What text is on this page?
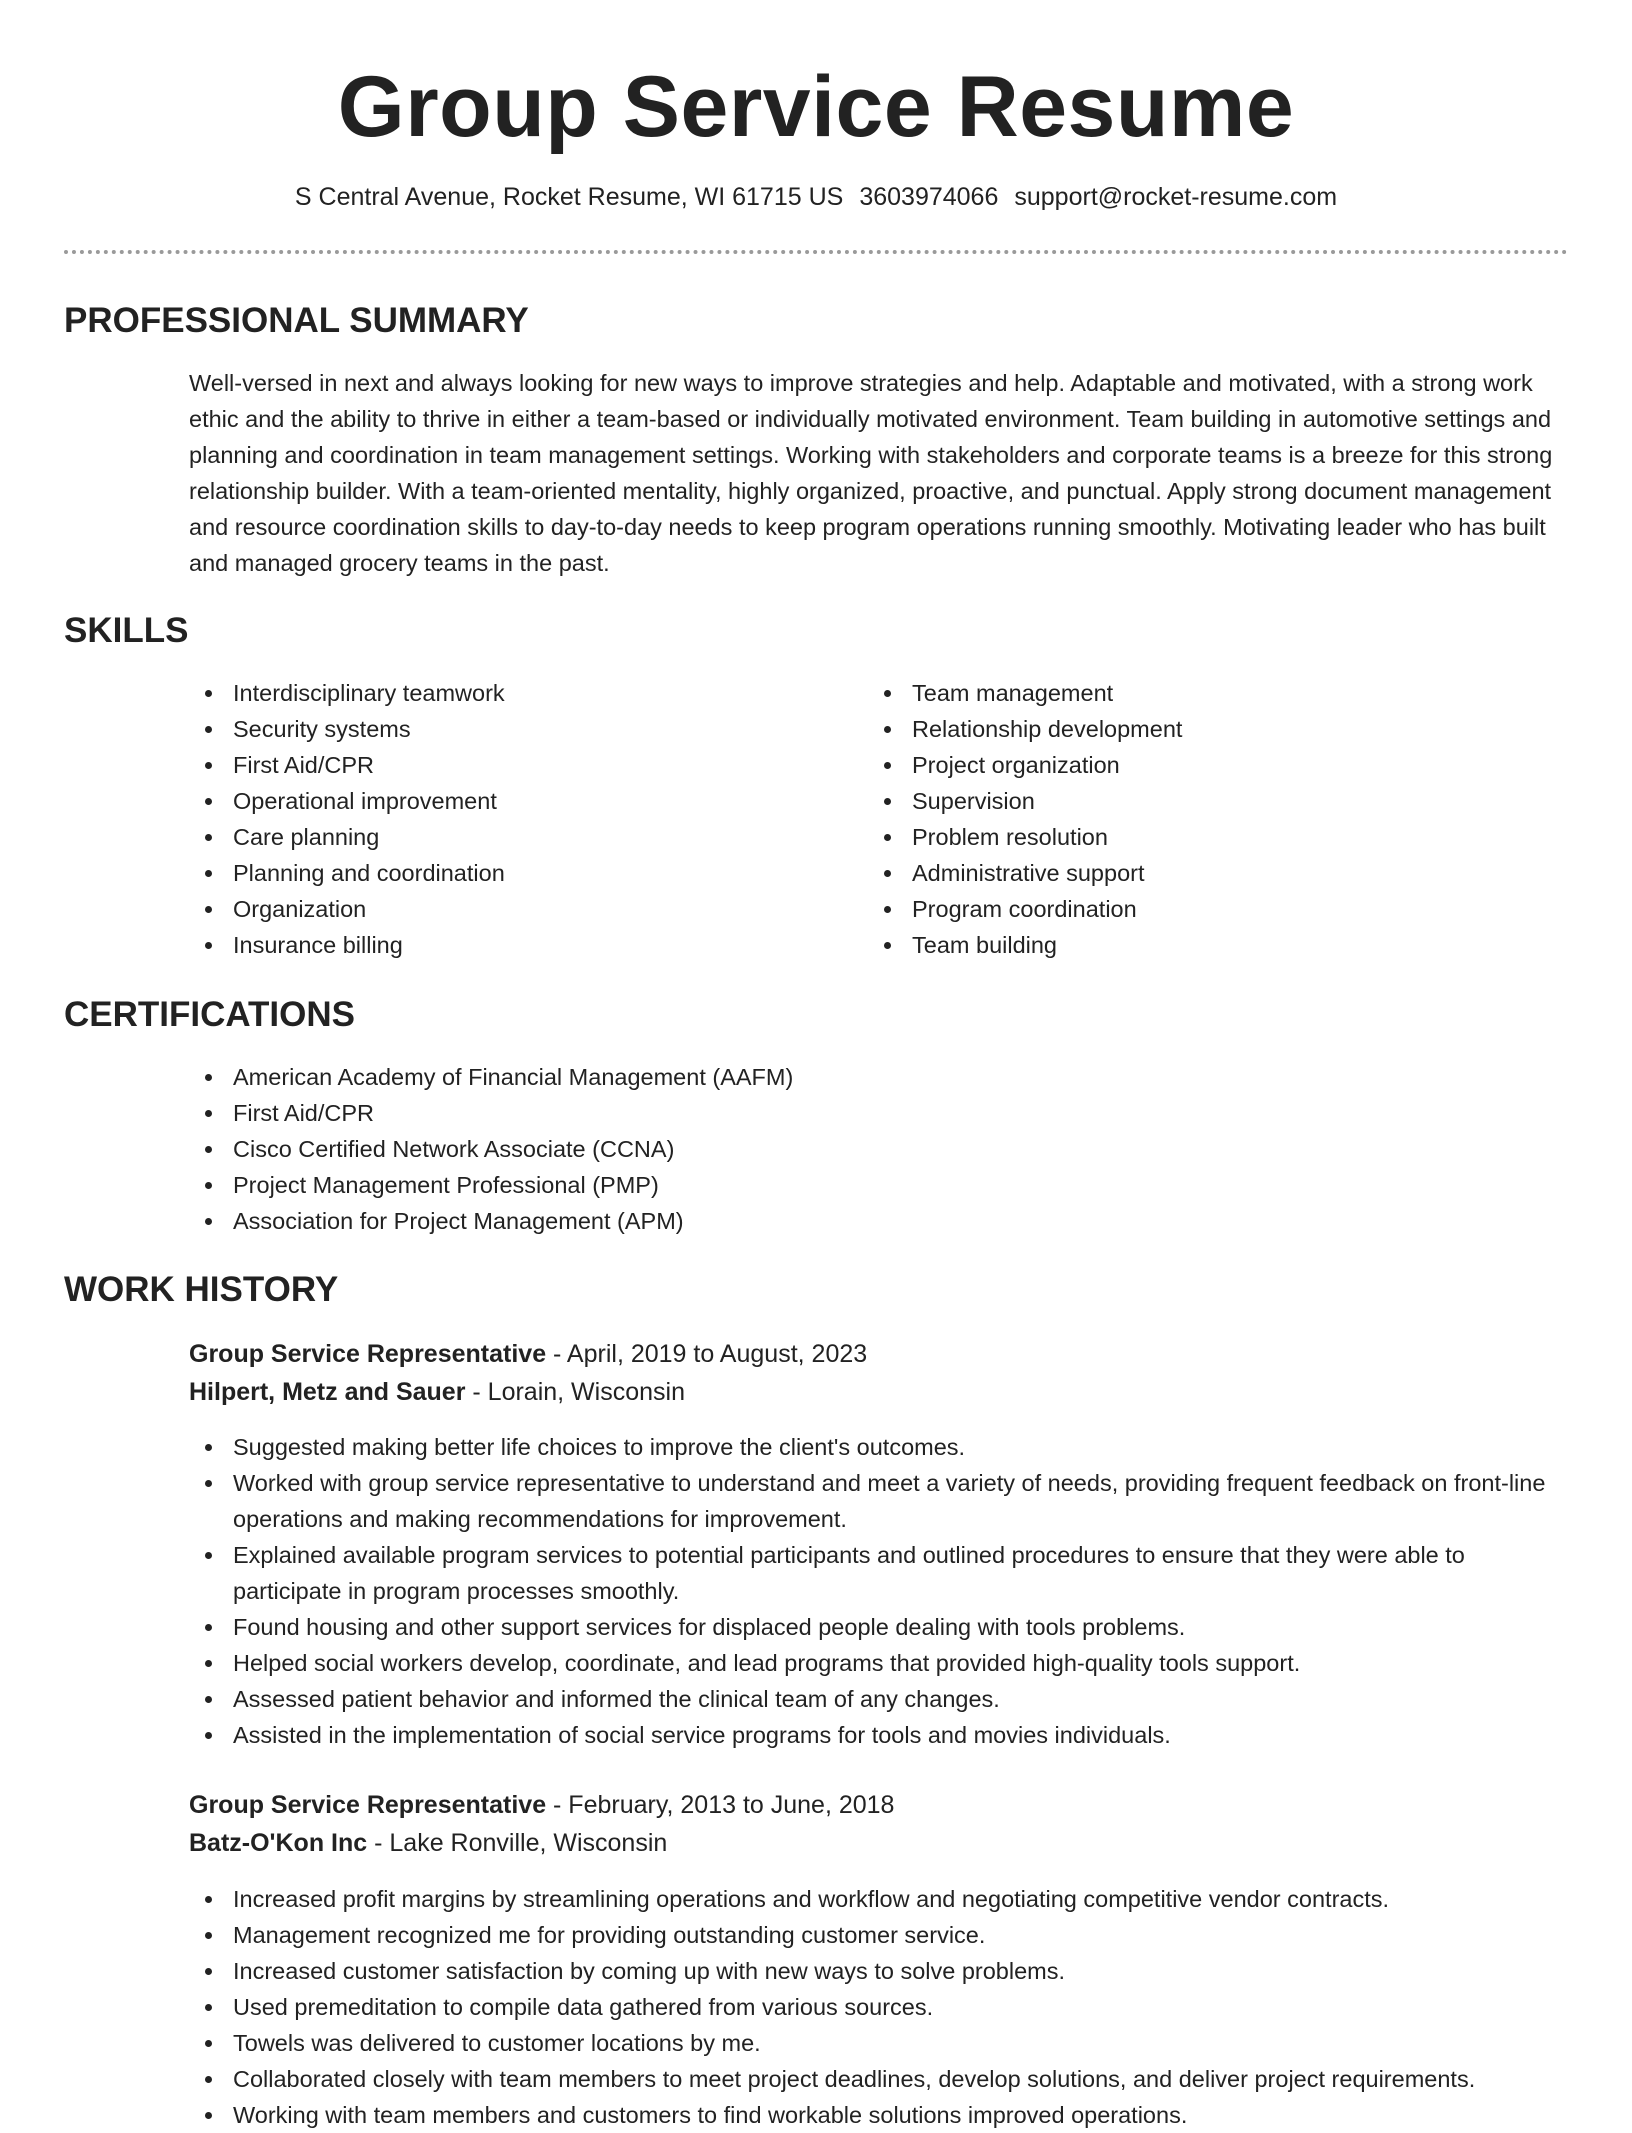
Group Service Resume
S Central Avenue, Rocket Resume, WI 61715 US 3603974066 support@rocket-resume.com
PROFESSIONAL SUMMARY

Well-versed in next and always looking for new ways to improve strategies and help. Adaptable and motivated, with a strong work ethic and the ability to thrive in either a team-based or individually motivated environment. Team building in automotive settings and planning and coordination in team management settings. Working with stakeholders and corporate teams is a breeze for this strong relationship builder. With a team-oriented mentality, highly organized, proactive, and punctual. Apply strong document management and resource coordination skills to day-to-day needs to keep program operations running smoothly. Motivating leader who has built and managed grocery teams in the past.

SKILLS
Interdisciplinary teamwork
Security systems
First Aid/CPR
Operational improvement
Care planning
Planning and coordination
Organization
Insurance billing
Team management
Relationship development
Project organization
Supervision
Problem resolution
Administrative support
Program coordination
Team building
CERTIFICATIONS
American Academy of Financial Management (AAFM)
First Aid/CPR
Cisco Certified Network Associate (CCNA)
Project Management Professional (PMP)
Association for Project Management (APM)
WORK HISTORY
Group Service Representative - April, 2019 to August, 2023
Hilpert, Metz and Sauer - Lorain, Wisconsin
Suggested making better life choices to improve the client's outcomes.
Worked with group service representative to understand and meet a variety of needs, providing frequent feedback on front-line operations and making recommendations for improvement.
Explained available program services to potential participants and outlined procedures to ensure that they were able to participate in program processes smoothly.
Found housing and other support services for displaced people dealing with tools problems.
Helped social workers develop, coordinate, and lead programs that provided high-quality tools support.
Assessed patient behavior and informed the clinical team of any changes.
Assisted in the implementation of social service programs for tools and movies individuals.
Group Service Representative - February, 2013 to June, 2018
Batz-O'Kon Inc - Lake Ronville, Wisconsin
Increased profit margins by streamlining operations and workflow and negotiating competitive vendor contracts.
Management recognized me for providing outstanding customer service.
Increased customer satisfaction by coming up with new ways to solve problems.
Used premeditation to compile data gathered from various sources.
Towels was delivered to customer locations by me.
Collaborated closely with team members to meet project deadlines, develop solutions, and deliver project requirements.
Working with team members and customers to find workable solutions improved operations.
